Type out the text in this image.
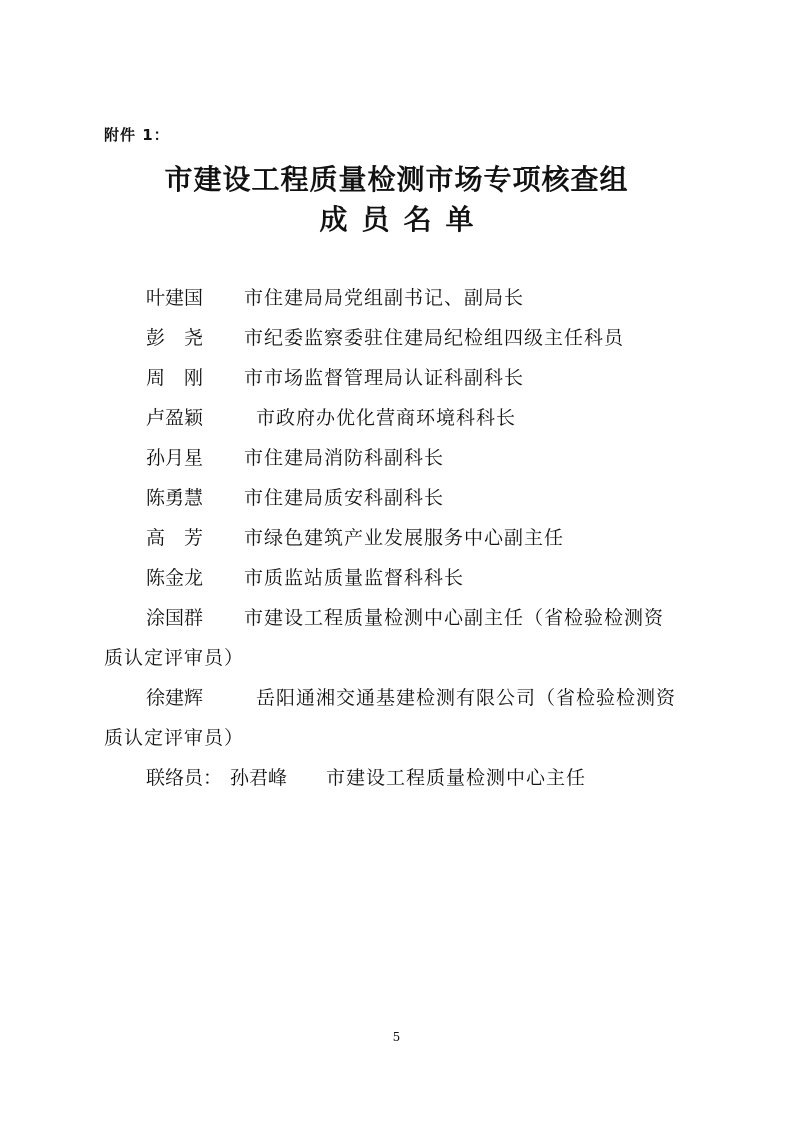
附件 1：
市建设工程质量检测市场专项核查组
成员名单
叶建国 市住建局局党组副书记、副局长
彭尧 市纪委监察委驻住建局纪检组四级主任科员
周刚 市市场监督管理局认证科副科长
卢盈颖	市政府办优化营商环境科科长
孙月星 市住建局消防科副科长
陈勇慧 市住建局质安科副科长
高芳 市绿色建筑产业发展服务中心副主任
陈金龙 市质监站质量监督科科长
涂国群 市建设工程质量检测中心副主任（省检验检测资
质认定评审员）
徐建辉	岳阳通湘交通基建检测有限公司（省检验检测资
质认定评审员）
联络员： 孙君峰 市建设工程质量检测中心主任
5
